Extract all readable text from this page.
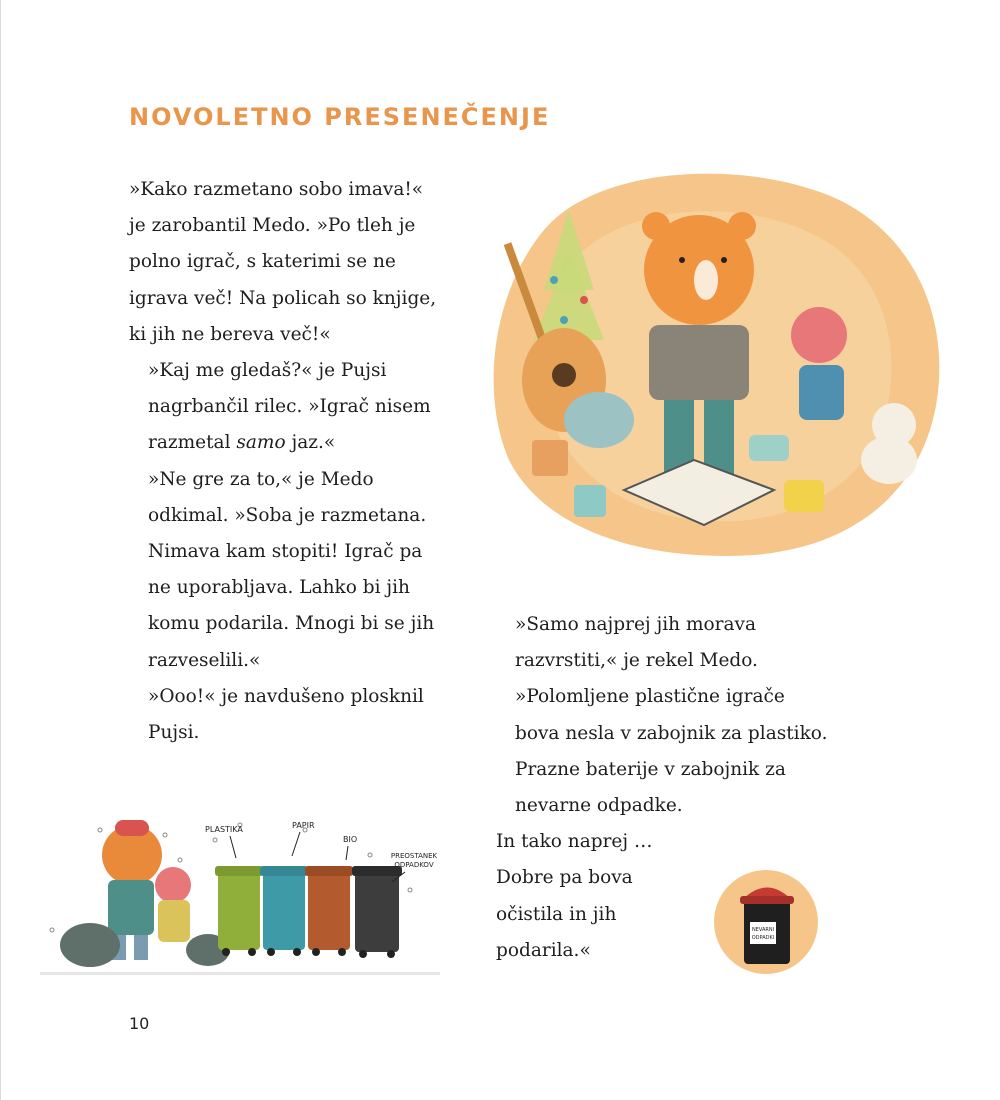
NOVOLETNO PRESENEČENJE

»Kako razmetano sobo imava!«
je zarobantil Medo. »Po tleh je
polno igrač, s katerimi se ne
igrava več! Na policah so knjige,
ki jih ne bereva več!«

»Kaj me gledaš?« je Pujsi
nagrbančil rilec. »Igrač nisem
razmetal samo jaz.«

»Ne gre za to,« je Medo
odkimal. »Soba je razmetana.
Nimava kam stopiti! Igrač pa
ne uporabljava. Lahko bi jih
komu podarila. Mnogi bi se jih
razveselili.«

»Ooo!« je navdušeno plosknil
Pujsi.

»Samo najprej jih morava
razvrstiti,« je rekel Medo.
»Polomljene plastične igrače
bova nesla v zabojnik za plastiko.
Prazne baterije v zabojnik za
nevarne odpadke.

In tako naprej …
Dobre pa bova
očistila in jih
podarila.«

PLASTIKA	PAPIR
BIO
PREOSTANEK
ODPADKOV
NEVARNI
ODPADKI
10
